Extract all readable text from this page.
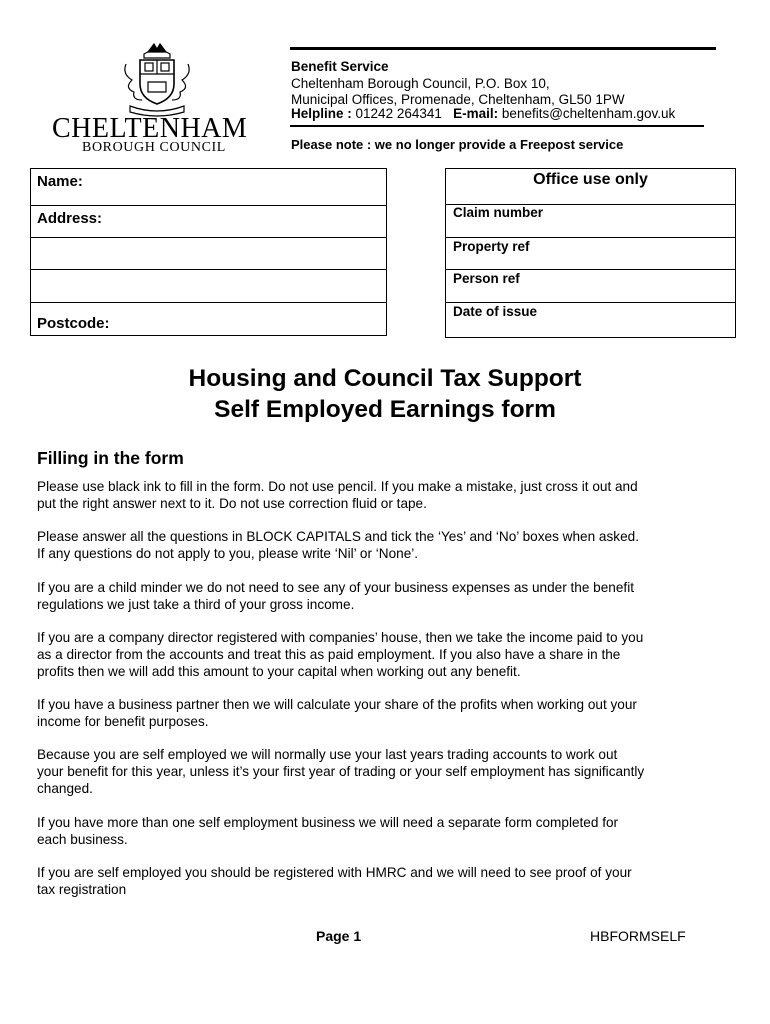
CHELTENHAM
BOROUGH COUNCIL
Benefit Service
Cheltenham Borough Council, P.O. Box 10,
Municipal Offices, Promenade, Cheltenham, GL50 1PW
Helpline : 01242 264341 E-mail: benefits@cheltenham.gov.uk
Please note : we no longer provide a Freepost service
Name:
Address:
Postcode:
Office use only
Claim number
Property ref
Person ref
Date of issue
Housing and Council Tax Support
Self Employed Earnings form
Filling in the form
Please use black ink to fill in the form. Do not use pencil. If you make a mistake, just cross it out and
put the right answer next to it. Do not use correction fluid or tape.
Please answer all the questions in BLOCK CAPITALS and tick the ‘Yes’ and ‘No’ boxes when asked.
If any questions do not apply to you, please write ‘Nil’ or ‘None’.
If you are a child minder we do not need to see any of your business expenses as under the benefit
regulations we just take a third of your gross income.
If you are a company director registered with companies’ house, then we take the income paid to you
as a director from the accounts and treat this as paid employment. If you also have a share in the
profits then we will add this amount to your capital when working out any benefit.
If you have a business partner then we will calculate your share of the profits when working out your
income for benefit purposes.
Because you are self employed we will normally use your last years trading accounts to work out
your benefit for this year, unless it’s your first year of trading or your self employment has significantly
changed.
If you have more than one self employment business we will need a separate form completed for
each business.
If you are self employed you should be registered with HMRC and we will need to see proof of your
tax registration
Page 1	HBFORMSELF
